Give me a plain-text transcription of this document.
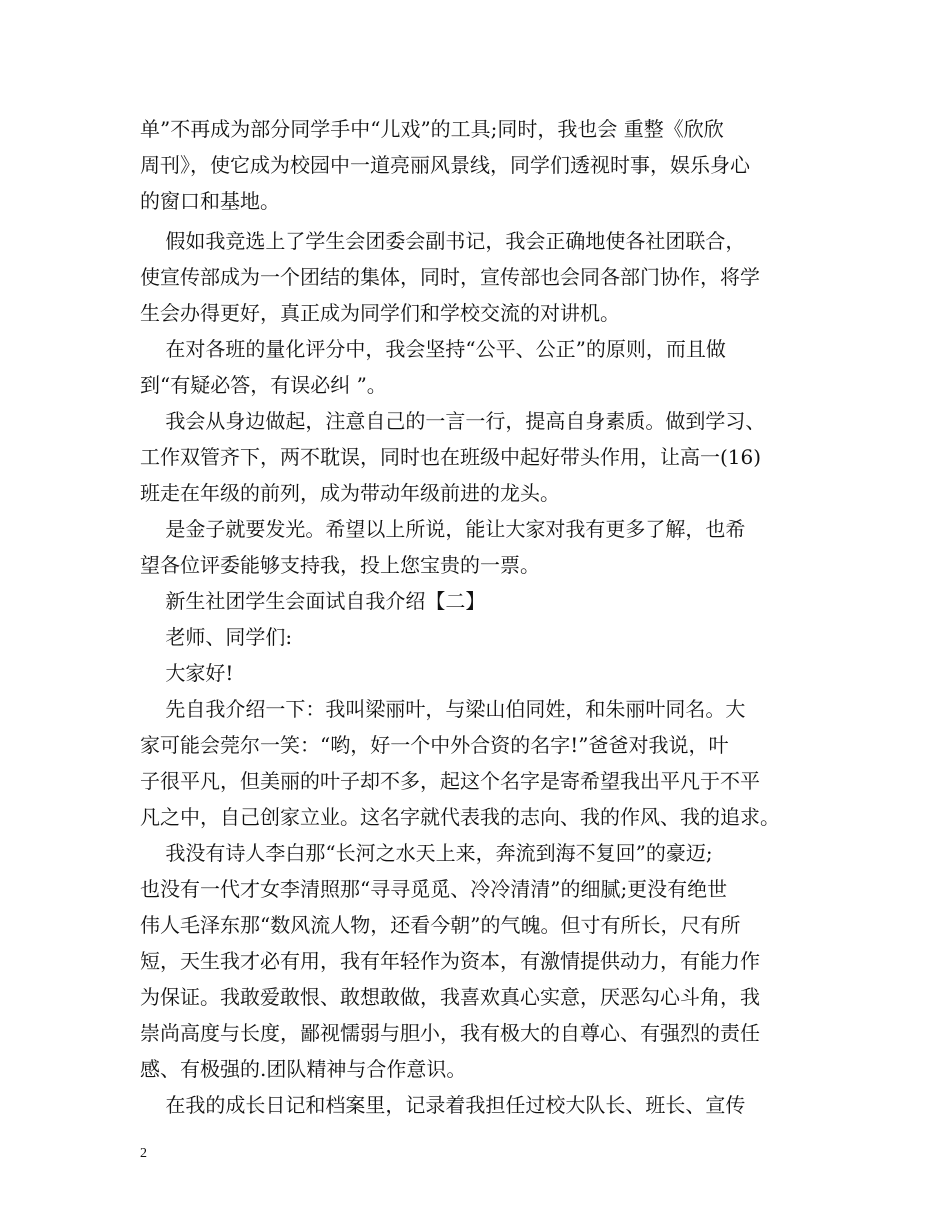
单”不再成为部分同学手中“儿戏”的工具;同时，我也会 重整《欣欣
周刊》，使它成为校园中一道亮丽风景线，同学们透视时事，娱乐身心
的窗口和基地。
假如我竞选上了学生会团委会副书记，我会正确地使各社团联合，
使宣传部成为一个团结的集体，同时，宣传部也会同各部门协作，将学
生会办得更好，真正成为同学们和学校交流的对讲机。
在对各班的量化评分中，我会坚持“公平、公正”的原则，而且做
到“有疑必答，有误必纠 ”。
我会从身边做起，注意自己的一言一行，提高自身素质。做到学习、
工作双管齐下，两不耽误，同时也在班级中起好带头作用，让高一(16)
班走在年级的前列，成为带动年级前进的龙头。
是金子就要发光。希望以上所说，能让大家对我有更多了解，也希
望各位评委能够支持我，投上您宝贵的一票。
新生社团学生会面试自我介绍【二】
老师、同学们:
大家好!
先自我介绍一下：我叫梁丽叶，与梁山伯同姓，和朱丽叶同名。大
家可能会莞尔一笑：“哟，好一个中外合资的名字!”爸爸对我说，叶
子很平凡，但美丽的叶子却不多，起这个名字是寄希望我出平凡于不平
凡之中，自己创家立业。这名字就代表我的志向、我的作风、我的追求。
我没有诗人李白那“长河之水天上来，奔流到海不复回”的豪迈;
也没有一代才女李清照那“寻寻觅觅、冷冷清清”的细腻;更没有绝世
伟人毛泽东那“数风流人物，还看今朝”的气魄。但寸有所长，尺有所
短，天生我才必有用，我有年轻作为资本，有激情提供动力，有能力作
为保证。我敢爱敢恨、敢想敢做，我喜欢真心实意，厌恶勾心斗角，我
崇尚高度与长度，鄙视懦弱与胆小，我有极大的自尊心、有强烈的责任
感、有极强的.团队精神与合作意识。
在我的成长日记和档案里，记录着我担任过校大队长、班长、宣传
2
